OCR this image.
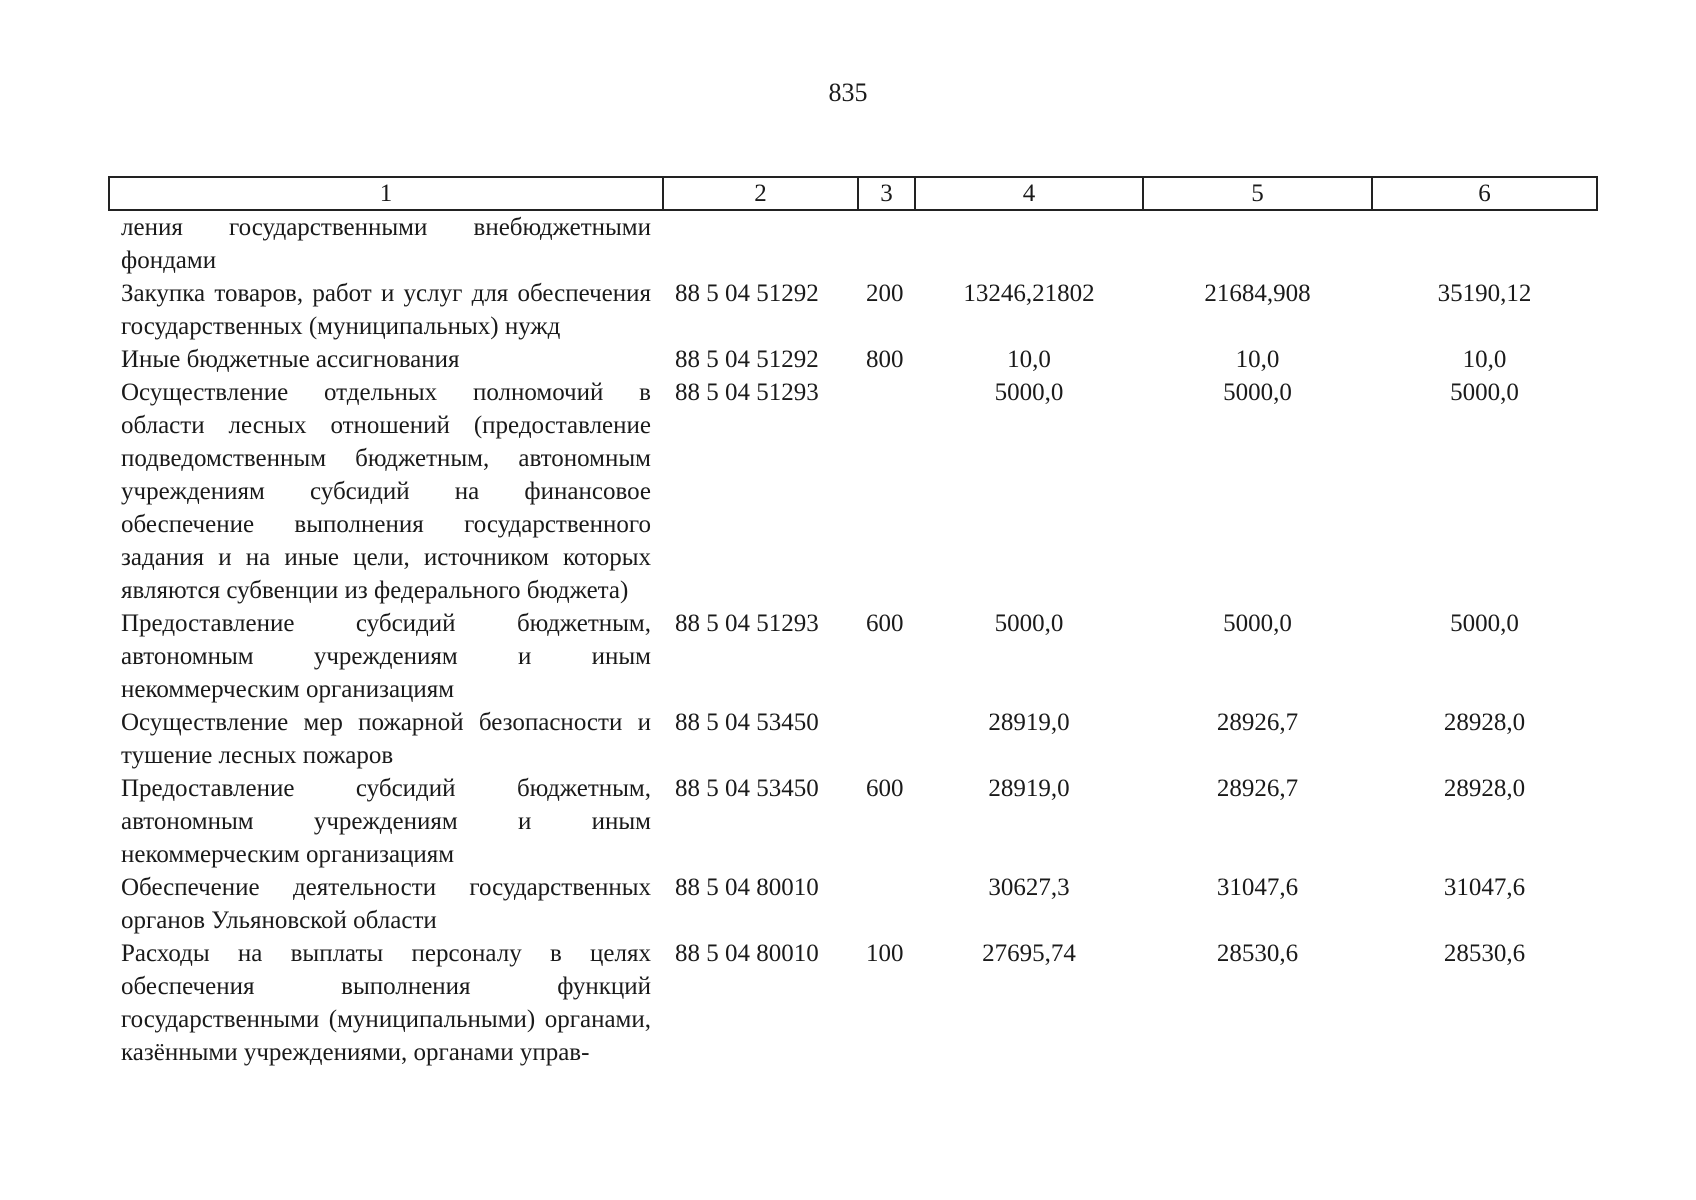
835
1	2	3	4	5	6
ления государственными внебюджетными фондами					
Закупка товаров, работ и услуг для обеспечения государственных (муниципальных) нужд	88 5 04 51292	200	13246,21802	21684,908	35190,12
Иные бюджетные ассигнования	88 5 04 51292	800	10,0	10,0	10,0
Осуществление отдельных полномочий в области лесных отношений (предоставление подведомственным бюджетным, автономным учреждениям субсидий на финансовое обеспечение выполнения государственного задания и на иные цели, источником которых являются субвенции из федерального бюджета)	88 5 04 51293		5000,0	5000,0	5000,0
Предоставление субсидий бюджетным, автономным учреждениям и иным некоммерческим организациям	88 5 04 51293	600	5000,0	5000,0	5000,0
Осуществление мер пожарной безопасности и тушение лесных пожаров	88 5 04 53450		28919,0	28926,7	28928,0
Предоставление субсидий бюджетным, автономным учреждениям и иным некоммерческим организациям	88 5 04 53450	600	28919,0	28926,7	28928,0
Обеспечение деятельности государственных органов Ульяновской области	88 5 04 80010		30627,3	31047,6	31047,6
Расходы на выплаты персоналу в целях обеспечения выполнения функций государственными (муниципальными) органами, казёнными учреждениями, органами управ-	88 5 04 80010	100	27695,74	28530,6	28530,6
